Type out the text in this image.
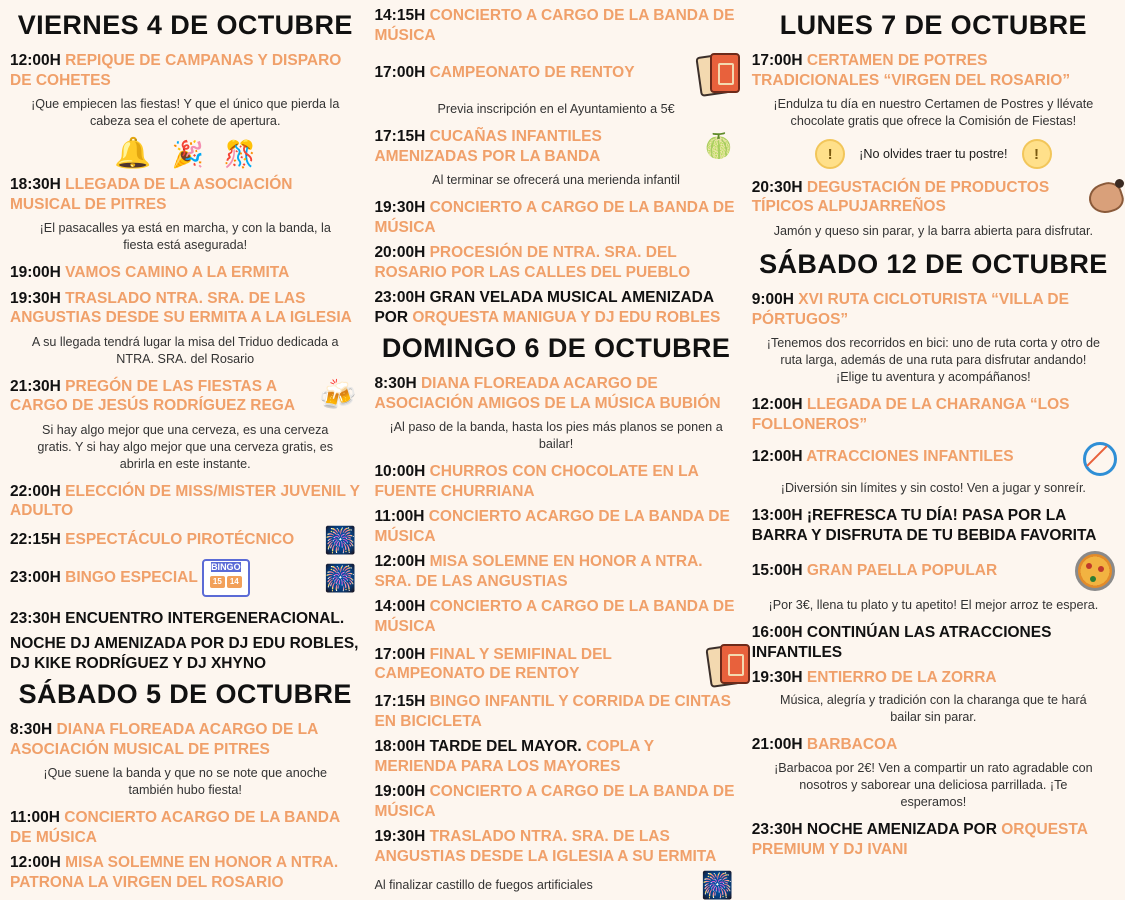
VIERNES 4 DE OCTUBRE
12:00H REPIQUE DE CAMPANAS Y DISPARO DE COHETES
¡Que empiecen las fiestas! Y que el único que pierda la cabeza sea el cohete de apertura.
🔔 🎉 🎊
18:30H LLEGADA DE LA ASOCIACIÓN MUSICAL DE PITRES
¡El pasacalles ya está en marcha, y con la banda, la fiesta está asegurada!
19:00H VAMOS CAMINO A LA ERMITA
19:30H TRASLADO NTRA. SRA. DE LAS ANGUSTIAS DESDE SU ERMITA A LA IGLESIA
A su llegada tendrá lugar la misa del Triduo dedicada a NTRA. SRA. del Rosario
21:30H PREGÓN DE LAS FIESTAS A CARGO DE JESÚS RODRÍGUEZ REGA 🍻
Si hay algo mejor que una cerveza, es una cerveza gratis. Y si hay algo mejor que una cerveza gratis, es abrirla en este instante.
22:00H ELECCIÓN DE MISS/MISTER JUVENIL Y ADULTO
22:15H ESPECTÁCULO PIROTÉCNICO 🎆
23:00H BINGO ESPECIAL BINGO
15	14	🎆
23:30H ENCUENTRO INTERGENERACIONAL.
NOCHE DJ AMENIZADA POR DJ EDU ROBLES, DJ KIKE RODRÍGUEZ Y DJ XHYNO
SÁBADO 5 DE OCTUBRE
8:30H DIANA FLOREADA ACARGO DE LA ASOCIACIÓN MUSICAL DE PITRES
¡Que suene la banda y que no se note que anoche también hubo fiesta!
11:00H CONCIERTO ACARGO DE LA BANDA DE MÚSICA
12:00H MISA SOLEMNE EN HONOR A NTRA. PATRONA LA VIRGEN DEL ROSARIO
14:15H CONCIERTO A CARGO DE LA BANDA DE MÚSICA
17:00H CAMPEONATO DE RENTOY
Previa inscripción en el Ayuntamiento a 5€
17:15H CUCAÑAS INFANTILES AMENIZADAS POR LA BANDA	🍈
Al terminar se ofrecerá una merienda infantil
19:30H CONCIERTO A CARGO DE LA BANDA DE MÚSICA
20:00H PROCESIÓN DE NTRA. SRA. DEL ROSARIO POR LAS CALLES DEL PUEBLO
23:00H GRAN VELADA MUSICAL AMENIZADA POR ORQUESTA MANIGUA Y DJ EDU ROBLES
DOMINGO 6 DE OCTUBRE
8:30H DIANA FLOREADA ACARGO DE ASOCIACIÓN AMIGOS DE LA MÚSICA BUBIÓN
¡Al paso de la banda, hasta los pies más planos se ponen a bailar!
10:00H CHURROS CON CHOCOLATE EN LA FUENTE CHURRIANA
11:00H CONCIERTO ACARGO DE LA BANDA DE MÚSICA
12:00H MISA SOLEMNE EN HONOR A NTRA. SRA. DE LAS ANGUSTIAS
14:00H CONCIERTO A CARGO DE LA BANDA DE MÚSICA
17:00H FINAL Y SEMIFINAL DEL CAMPEONATO DE RENTOY
17:15H BINGO INFANTIL Y CORRIDA DE CINTAS EN BICICLETA
18:00H TARDE DEL MAYOR. COPLA Y MERIENDA PARA LOS MAYORES
19:00H CONCIERTO A CARGO DE LA BANDA DE MÚSICA
19:30H TRASLADO NTRA. SRA. DE LAS ANGUSTIAS DESDE LA IGLESIA A SU ERMITA
Al finalizar castillo de fuegos artificiales	🎆
LUNES 7 DE OCTUBRE
17:00H CERTAMEN DE POTRES TRADICIONALES “VIRGEN DEL ROSARIO”
¡Endulza tu día en nuestro Certamen de Postres y llévate chocolate gratis que ofrece la Comisión de Fiestas!
!	¡No olvides traer tu postre!	!
20:30H DEGUSTACIÓN DE PRODUCTOS TÍPICOS ALPUJARREÑOS
Jamón y queso sin parar, y la barra abierta para disfrutar.
SÁBADO 12 DE OCTUBRE
9:00H XVI RUTA CICLOTURISTA “VILLA DE PÓRTUGOS”
¡Tenemos dos recorridos en bici: uno de ruta corta y otro de ruta larga, además de una ruta para disfrutar andando! ¡Elige tu aventura y acompáñanos!
12:00H LLEGADA DE LA CHARANGA “LOS FOLLONEROS”
12:00H ATRACCIONES INFANTILES
¡Diversión sin límites y sin costo! Ven a jugar y sonreír.
13:00H ¡REFRESCA TU DÍA! PASA POR LA BARRA Y DISFRUTA DE TU BEBIDA FAVORITA
15:00H GRAN PAELLA POPULAR
¡Por 3€, llena tu plato y tu apetito! El mejor arroz te espera.
16:00H CONTINÚAN LAS ATRACCIONES INFANTILES
19:30H ENTIERRO DE LA ZORRA
Música, alegría y tradición con la charanga que te hará bailar sin parar.
21:00H BARBACOA
¡Barbacoa por 2€! Ven a compartir un rato agradable con nosotros y saborear una deliciosa parrillada. ¡Te esperamos!
23:30H NOCHE AMENIZADA POR ORQUESTA PREMIUM Y DJ IVANI
